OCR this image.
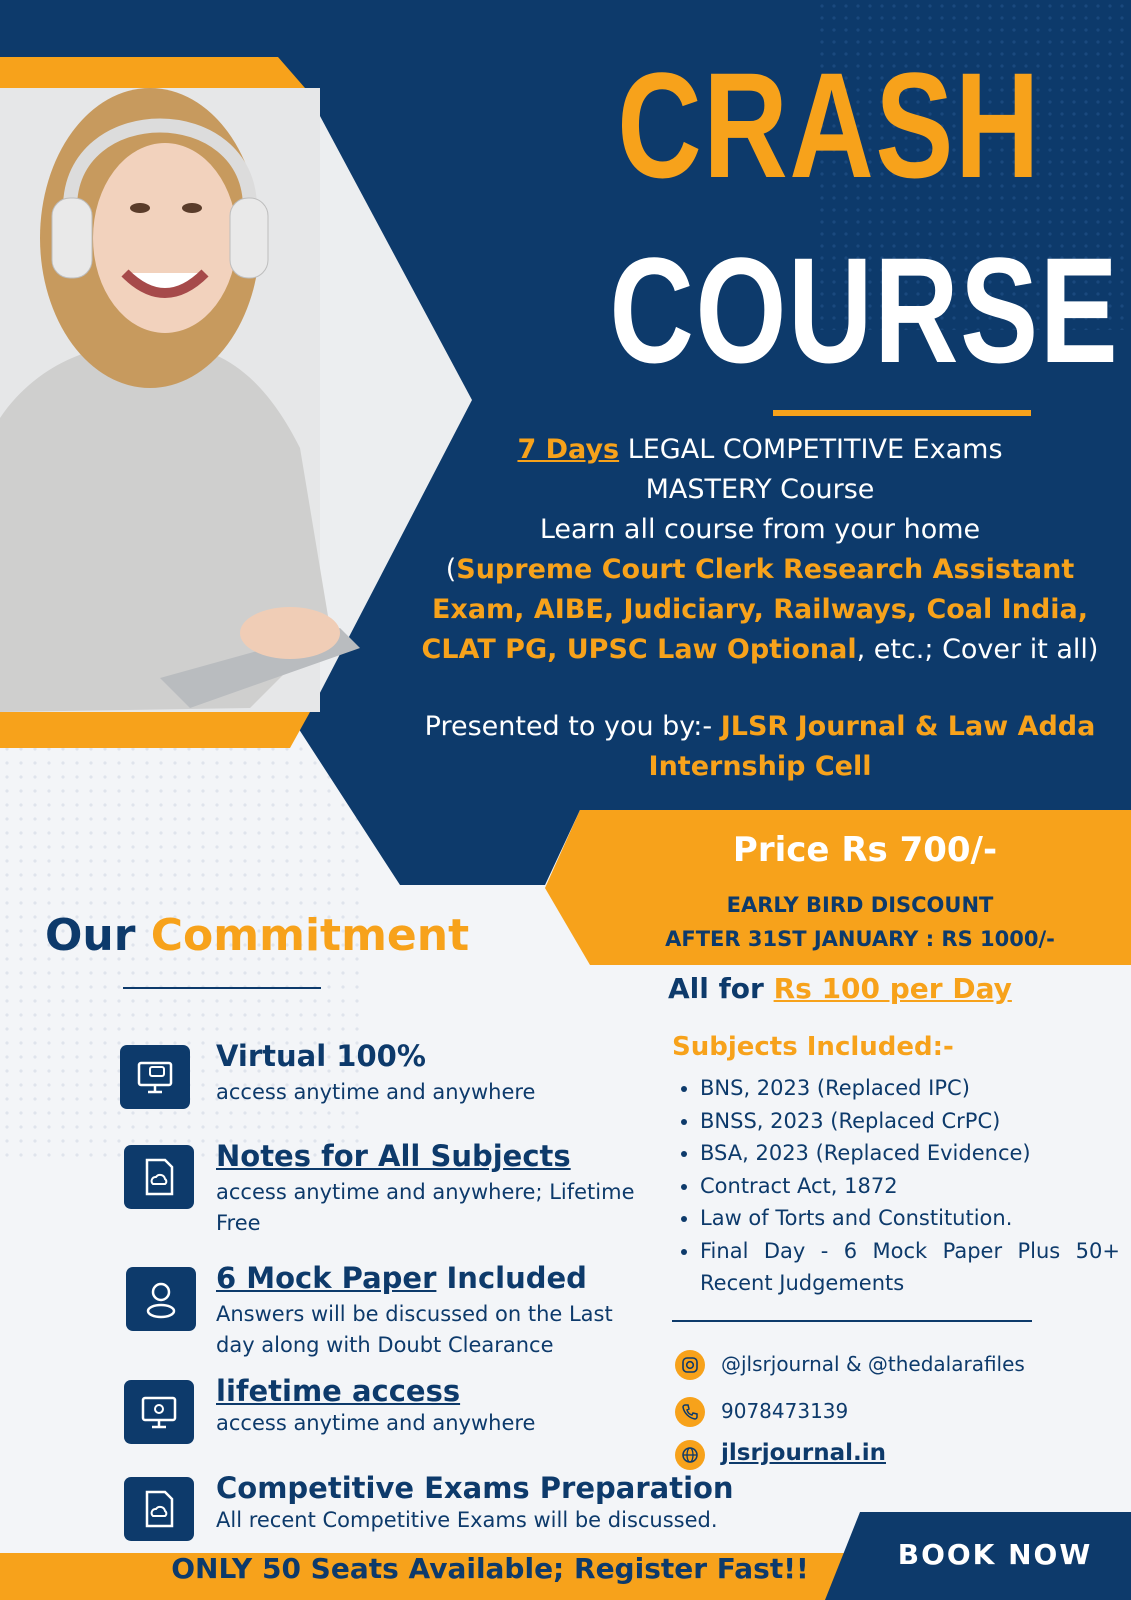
CRASH
COURSE
7 Days LEGAL COMPETITIVE Exams
MASTERY Course
Learn all course from your home
(Supreme Court Clerk Research Assistant Exam, AIBE, Judiciary, Railways, Coal India, CLAT PG, UPSC Law Optional, etc.; Cover it all)
Presented to you by:- JLSR Journal & Law Adda Internship Cell
Price Rs 700/-
EARLY BIRD DISCOUNT
AFTER 31ST JANUARY : RS 1000/-
All for Rs 100 per Day
Our Commitment
Virtual 100%
access anytime and anywhere
Notes for All Subjects
access anytime and anywhere; Lifetime Free
6 Mock Paper Included
Answers will be discussed on the Last day along with Doubt Clearance
lifetime access
access anytime and anywhere
Competitive Exams Preparation
All recent Competitive Exams will be discussed.
Subjects Included:-
• BNS, 2023 (Replaced IPC)
• BNSS, 2023 (Replaced CrPC)
• BSA, 2023 (Replaced Evidence)
• Contract Act, 1872
• Law of Torts and Constitution.
• Final Day - 6 Mock Paper Plus 50+ Recent Judgements
@jlsrjournal & @thedalarafiles
9078473139
jlsrjournal.in
ONLY 50 Seats Available; Register Fast!!	BOOK NOW
